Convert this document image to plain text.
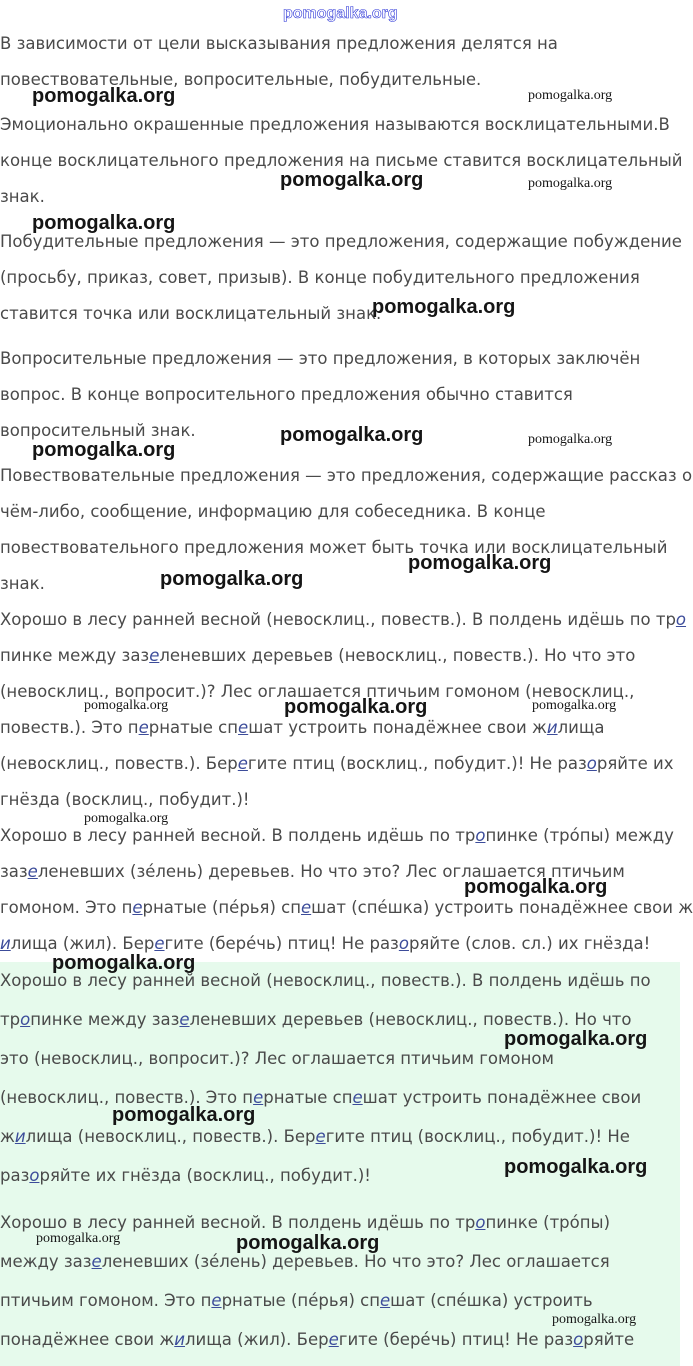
В зависимости от цели высказывания предложения делятся на
повествовательные, вопросительные, побудительные.
Эмоционально окрашенные предложения называются восклицательными.В
конце восклицательного предложения на письме ставится восклицательный
знак.
Побудительные предложения — это предложения, содержащие побуждение
(просьбу, приказ, совет, призыв). В конце побудительного предложения
ставится точка или восклицательный знак.
Вопросительные предложения — это предложения, в которых заключён
вопрос. В конце вопросительного предложения обычно ставится
вопросительный знак.
Повествовательные предложения — это предложения, содержащие рассказ о
чём-либо, сообщение, информацию для собеседника. В конце
повествовательного предложения может быть точка или восклицательный
знак.
Хорошо в лесу ранней весной (невосклиц., повеств.). В полдень идёшь по тро
пинке между зазеленевших деревьев (невосклиц., повеств.). Но что это
(невосклиц., вопросит.)? Лес оглашается птичьим гомоном (невосклиц.,
повеств.). Это пернатые спешат устроить понадёжнее свои жилища
(невосклиц., повеств.). Берегите птиц (восклиц., побудит.)! Не разоряйте их
гнёзда (восклиц., побудит.)!
Хорошо в лесу ранней весной. В полдень идёшь по тропинке (трóпы) между
зазеленевших (зéлень) деревьев. Но что это? Лес оглашается птичьим
гомоном. Это пернатые (пéрья) спешат (спéшка) устроить понадёжнее свои ж
илища (жил). Берегите (берéчь) птиц! Не разоряйте (слов. сл.) их гнёзда!
Хорошо в лесу ранней весной (невосклиц., повеств.). В полдень идёшь по
тропинке между зазеленевших деревьев (невосклиц., повеств.). Но что
это (невосклиц., вопросит.)? Лес оглашается птичьим гомоном
(невосклиц., повеств.). Это пернатые спешат устроить понадёжнее свои
жилища (невосклиц., повеств.). Берегите птиц (восклиц., побудит.)! Не
разоряйте их гнёзда (восклиц., побудит.)!
Хорошо в лесу ранней весной. В полдень идёшь по тропинке (трóпы)
между зазеленевших (зéлень) деревьев. Но что это? Лес оглашается
птичьим гомоном. Это пернатые (пéрья) спешат (спéшка) устроить
понадёжнее свои жилища (жил). Берегите (берéчь) птиц! Не разоряйте
pomogalka.org
pomogalka.org	pomogalka.org
pomogalka.org	pomogalka.org
pomogalka.org
pomogalka.org
pomogalka.org	pomogalka.org
pomogalka.org
pomogalka.org
pomogalka.org
pomogalka.org	pomogalka.org	pomogalka.org
pomogalka.org
pomogalka.org
pomogalka.org
pomogalka.org
pomogalka.org
pomogalka.org
pomogalka.org	pomogalka.org
pomogalka.org
